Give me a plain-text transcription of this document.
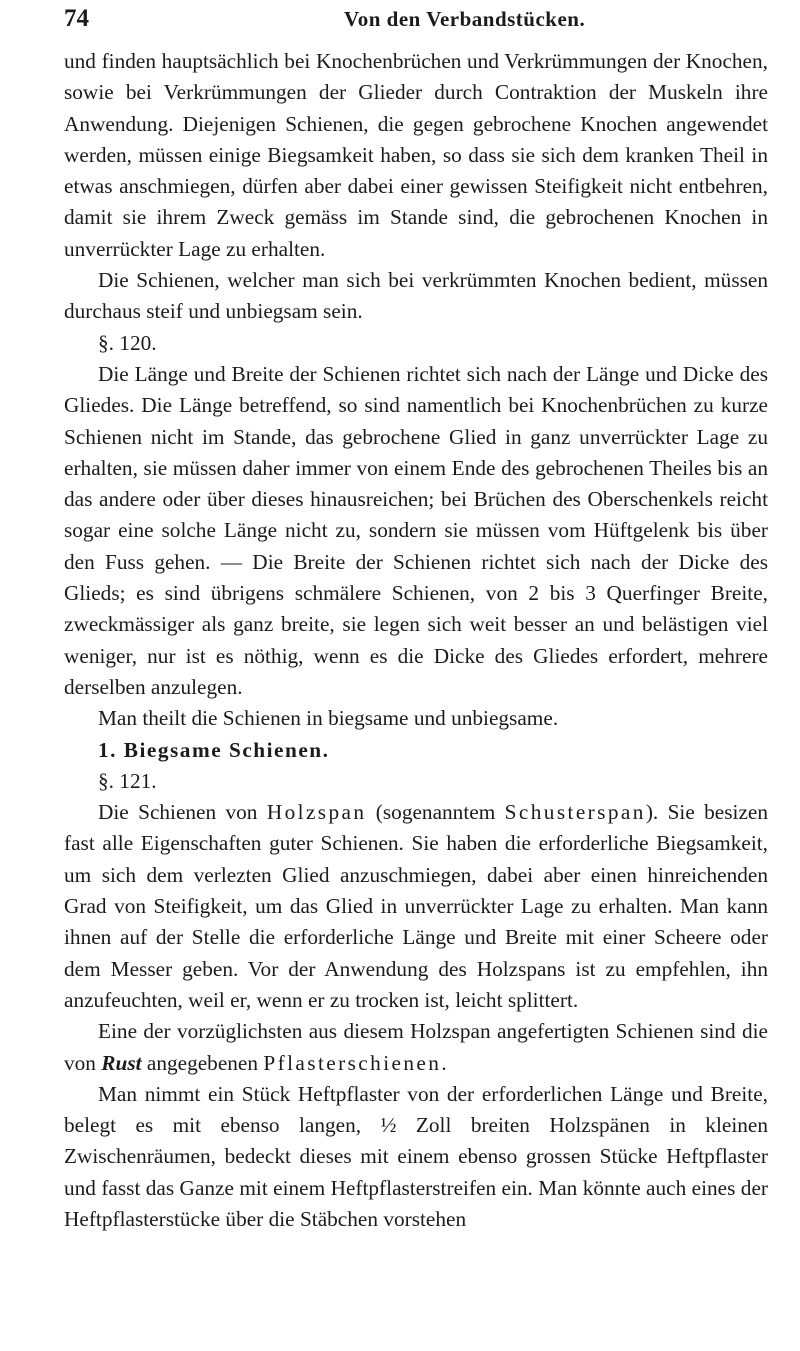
74	Von den Verbandstücken.

und finden hauptsächlich bei Knochenbrüchen und Verkrümmungen der Knochen, sowie bei Verkrümmungen der Glieder durch Contraktion der Muskeln ihre Anwendung. Diejenigen Schienen, die gegen gebrochene Knochen angewendet werden, müssen einige Biegsamkeit haben, so dass sie sich dem kranken Theil in etwas anschmiegen, dürfen aber dabei einer gewissen Steifigkeit nicht entbehren, damit sie ihrem Zweck gemäss im Stande sind, die gebrochenen Knochen in unverrückter Lage zu erhalten.

Die Schienen, welcher man sich bei verkrümmten Knochen bedient, müssen durchaus steif und unbiegsam sein.

§. 120.

Die Länge und Breite der Schienen richtet sich nach der Länge und Dicke des Gliedes. Die Länge betreffend, so sind namentlich bei Knochenbrüchen zu kurze Schienen nicht im Stande, das gebrochene Glied in ganz unverrückter Lage zu erhalten, sie müssen daher immer von einem Ende des gebrochenen Theiles bis an das andere oder über dieses hinausreichen; bei Brüchen des Oberschenkels reicht sogar eine solche Länge nicht zu, sondern sie müssen vom Hüftgelenk bis über den Fuss gehen. — Die Breite der Schienen richtet sich nach der Dicke des Glieds; es sind übrigens schmälere Schienen, von 2 bis 3 Querfinger Breite, zweckmässiger als ganz breite, sie legen sich weit besser an und belästigen viel weniger, nur ist es nöthig, wenn es die Dicke des Gliedes erfordert, mehrere derselben anzulegen.

Man theilt die Schienen in biegsame und unbiegsame.

1. Biegsame Schienen.

§. 121.

Die Schienen von Holzspan (sogenanntem Schusterspan). Sie besizen fast alle Eigenschaften guter Schienen. Sie haben die erforderliche Biegsamkeit, um sich dem verlezten Glied anzuschmiegen, dabei aber einen hinreichenden Grad von Steifigkeit, um das Glied in unverrückter Lage zu erhalten. Man kann ihnen auf der Stelle die erforderliche Länge und Breite mit einer Scheere oder dem Messer geben. Vor der Anwendung des Holzspans ist zu empfehlen, ihn anzufeuchten, weil er, wenn er zu trocken ist, leicht splittert.

Eine der vorzüglichsten aus diesem Holzspan angefertigten Schienen sind die von Rust angegebenen Pflasterschienen.

Man nimmt ein Stück Heftpflaster von der erforderlichen Länge und Breite, belegt es mit ebenso langen, ½ Zoll breiten Holzspänen in kleinen Zwischenräumen, bedeckt dieses mit einem ebenso grossen Stücke Heftpflaster und fasst das Ganze mit einem Heftpflasterstreifen ein. Man könnte auch eines der Heftpflasterstücke über die Stäbchen vorstehen
